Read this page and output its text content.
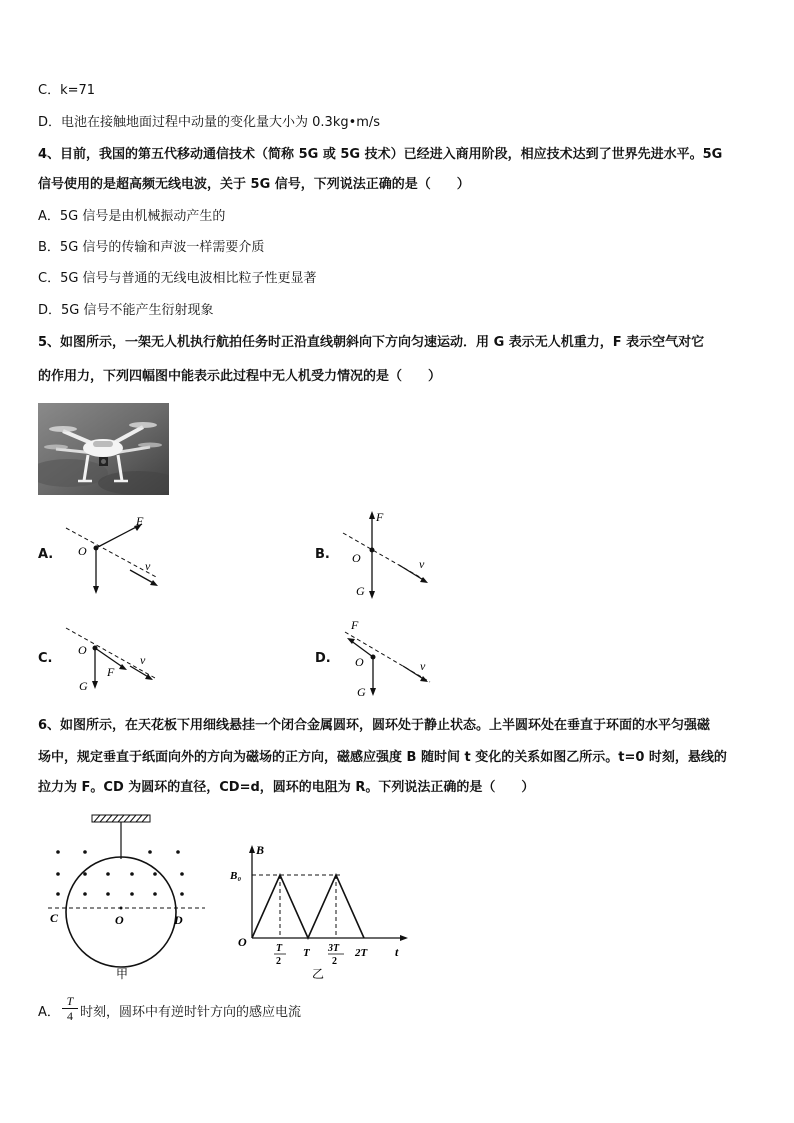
C．k=71
D．电池在接触地面过程中动量的变化量大小为 0.3kg•m/s
4、目前，我国的第五代移动通信技术（简称 5G 或 5G 技术）已经进入商用阶段，相应技术达到了世界先进水平。5G
信号使用的是超高频无线电波，关于 5G 信号，下列说法正确的是（　　）
A．5G 信号是由机械振动产生的
B．5G 信号的传输和声波一样需要介质
C．5G 信号与普通的无线电波相比粒子性更显著
D．5G 信号不能产生衍射现象
5、如图所示，一架无人机执行航拍任务时正沿直线朝斜向下方向匀速运动．用 G 表示无人机重力，F 表示空气对它
的作用力，下列四幅图中能表示此过程中无人机受力情况的是（　　）
A.
F
O
v
B.
F
O
G
v
C.
O
F
G
v	D.
F
O
G
v
6、如图所示，在天花板下用细线悬挂一个闭合金属圆环，圆环处于静止状态。上半圆环处在垂直于环面的水平匀强磁
场中，规定垂直于纸面向外的方向为磁场的正方向，磁感应强度 B 随时间 t 变化的关系如图乙所示。t=0 时刻，悬线的
拉力为 F。CD 为圆环的直径，CD=d，圆环的电阻为 R。下列说法正确的是（　　）
C	O	D
甲
B
B₀
O
t
T
2
T 3T
2
2T
乙
A． $\frac{T}{4}$ 时刻，圆环中有逆时针方向的感应电流
